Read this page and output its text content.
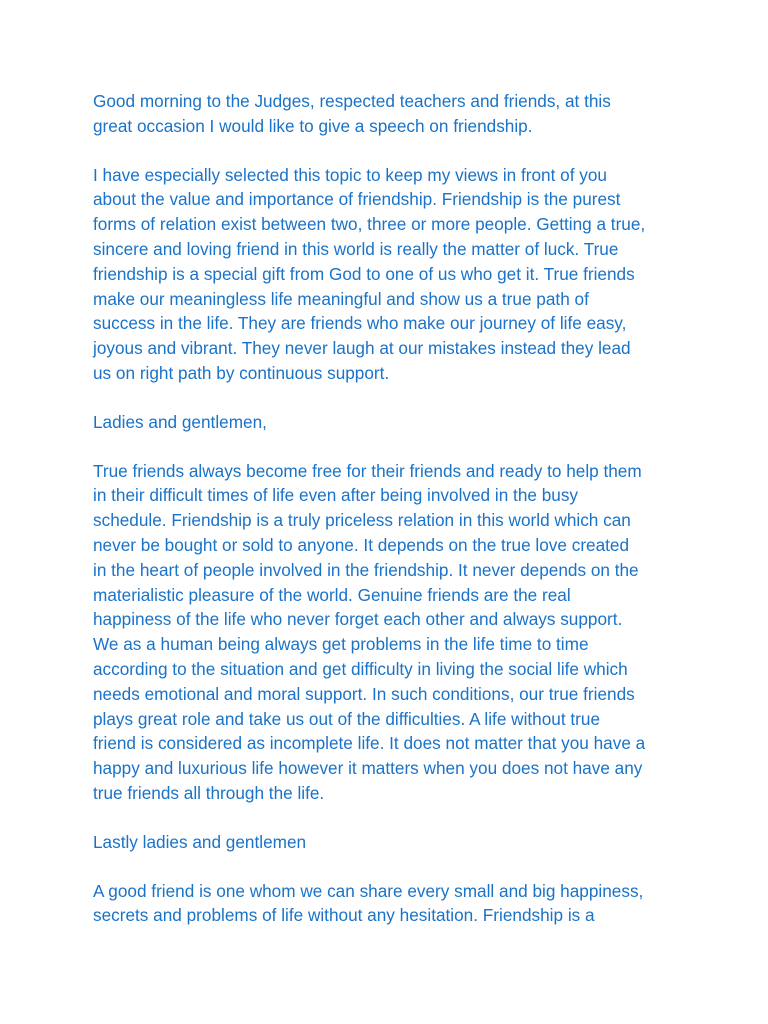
Good morning to the Judges, respected teachers and friends, at this
great occasion I would like to give a speech on friendship.

I have especially selected this topic to keep my views in front of you
about the value and importance of friendship. Friendship is the purest
forms of relation exist between two, three or more people. Getting a true,
sincere and loving friend in this world is really the matter of luck. True
friendship is a special gift from God to one of us who get it. True friends
make our meaningless life meaningful and show us a true path of
success in the life. They are friends who make our journey of life easy,
joyous and vibrant. They never laugh at our mistakes instead they lead
us on right path by continuous support.

Ladies and gentlemen,

True friends always become free for their friends and ready to help them
in their difficult times of life even after being involved in the busy
schedule. Friendship is a truly priceless relation in this world which can
never be bought or sold to anyone. It depends on the true love created
in the heart of people involved in the friendship. It never depends on the
materialistic pleasure of the world. Genuine friends are the real
happiness of the life who never forget each other and always support.
We as a human being always get problems in the life time to time
according to the situation and get difficulty in living the social life which
needs emotional and moral support. In such conditions, our true friends
plays great role and take us out of the difficulties. A life without true
friend is considered as incomplete life. It does not matter that you have a
happy and luxurious life however it matters when you does not have any
true friends all through the life.

Lastly ladies and gentlemen

A good friend is one whom we can share every small and big happiness,
secrets and problems of life without any hesitation. Friendship is a
